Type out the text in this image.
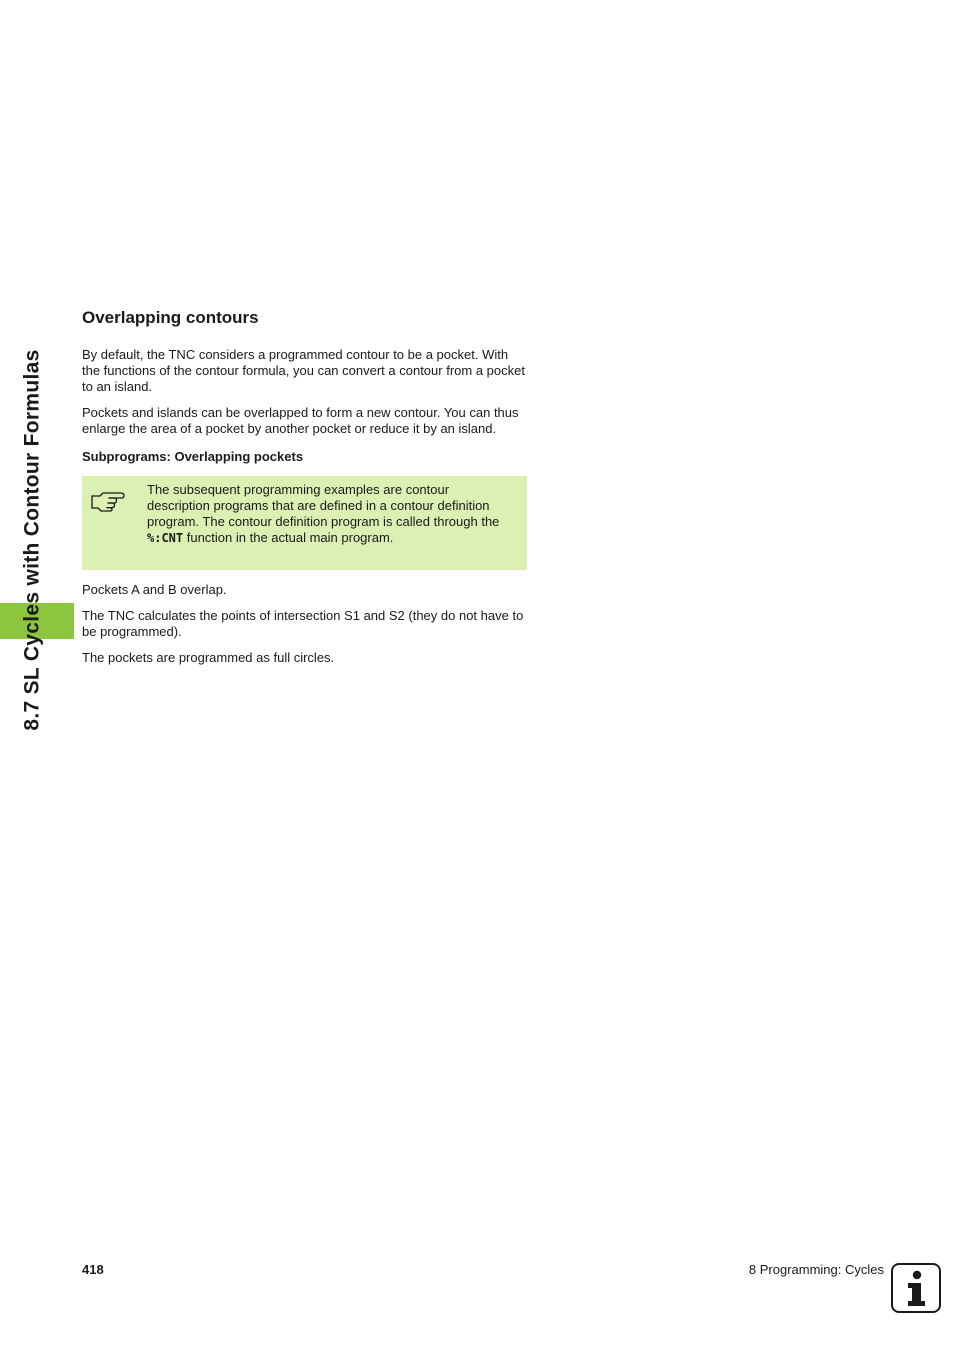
8.7 SL Cycles with Contour Formulas
Overlapping contours

By default, the TNC considers a programmed contour to be a pocket. With the functions of the contour formula, you can convert a contour from a pocket to an island.

Pockets and islands can be overlapped to form a new contour. You can thus enlarge the area of a pocket by another pocket or reduce it by an island.

Subprograms: Overlapping pockets

The subsequent programming examples are contour description programs that are defined in a contour definition program. The contour definition program is called through the %:CNT function in the actual main program.

Pockets A and B overlap.

The TNC calculates the points of intersection S1 and S2 (they do not have to be programmed).

The pockets are programmed as full circles.

418	8 Programming: Cycles
